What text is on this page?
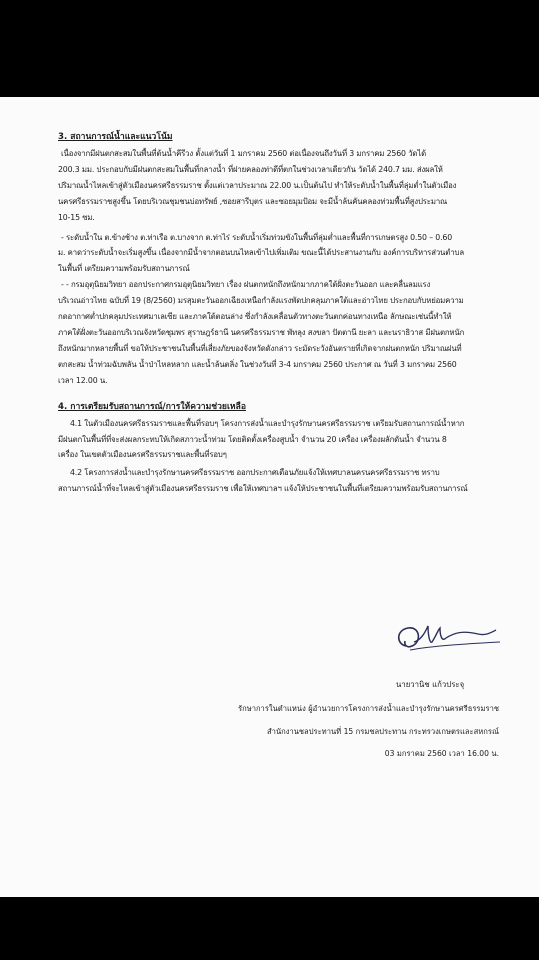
3. สถานการณ์น้ำและแนวโน้ม

เนื่องจากมีฝนตกสะสมในพื้นที่ต้นน้ำคีรีวง ตั้งแต่วันที่ 1 มกราคม 2560 ต่อเนื่องจนถึงวันที่ 3 มกราคม 2560 วัดได้
200.3 มม. ประกอบกับมีฝนตกสะสมในพื้นที่กลางน้ำ ที่ฝายคลองท่าดีที่ตกในช่วงเวลาเดียวกัน วัดได้ 240.7 มม. ส่งผลให้
ปริมาณน้ำไหลเข้าสู่ตัวเมืองนครศรีธรรมราช ตั้งแต่เวลาประมาณ 22.00 น.เป็นต้นไป ทำให้ระดับน้ำในพื้นที่ลุ่มต่ำในตัวเมือง
นครศรีธรรมราชสูงขึ้น โดยบริเวณชุมชนบ่อทรัพย์ ,ซอยสารีบุตร และซอยมุมป้อม จะมีน้ำล้นคันคลองท่วมพื้นที่สูงประมาณ
10-15 ซม.

- ระดับน้ำใน ต.ข้างช้าง ต.ท่าเรือ ต.บางจาก ต.ท่าไร่ ระดับน้ำเริ่มท่วมขังในพื้นที่ลุ่มต่ำและพื้นที่การเกษตรสูง 0.50 – 0.60
ม. คาดว่าระดับน้ำจะเริ่มสูงขึ้น เนื่องจากมีน้ำจากตอนบนไหลเข้าไปเพิ่มเติม ขณะนี้ได้ประสานงานกับ องค์การบริหารส่วนตำบล
ในพื้นที่ เตรียมความพร้อมรับสถานการณ์

- - กรมอุตุนิยมวิทยา ออกประกาศกรมอุตุนิยมวิทยา เรื่อง ฝนตกหนักถึงหนักมากภาคใต้ฝั่งตะวันออก และคลื่นลมแรง
บริเวณอ่าวไทย ฉบับที่ 19 (8/2560) มรสุมตะวันออกเฉียงเหนือกำลังแรงพัดปกคลุมภาคใต้และอ่าวไทย ประกอบกับหย่อมความ
กดอากาศต่ำปกคลุมประเทศมาเลเซีย และภาคใต้ตอนล่าง ซึ่งกำลังเคลื่อนตัวทางตะวันตกค่อนทางเหนือ ลักษณะเช่นนี้ทำให้
ภาคใต้ฝั่งตะวันออกบริเวณจังหวัดชุมพร สุราษฎร์ธานี นครศรีธรรมราช พัทลุง สงขลา ปัตตานี ยะลา และนราธิวาส มีฝนตกหนัก
ถึงหนักมากหลายพื้นที่ ขอให้ประชาชนในพื้นที่เสี่ยงภัยของจังหวัดดังกล่าว ระมัดระวังอันตรายที่เกิดจากฝนตกหนัก ปริมาณฝนที่
ตกสะสม น้ำท่วมฉับพลัน น้ำป่าไหลหลาก และน้ำล้นตลิ่ง ในช่วงวันที่ 3-4 มกราคม 2560 ประกาศ ณ วันที่ 3 มกราคม 2560
เวลา 12.00 น.

4. การเตรียมรับสถานการณ์/การให้ความช่วยเหลือ

4.1 ในตัวเมืองนครศรีธรรมราชและพื้นที่รอบๆ โครงการส่งน้ำและบำรุงรักษานครศรีธรรมราช เตรียมรับสถานการณ์น้ำหาก
มีฝนตกในพื้นที่ที่จะส่งผลกระทบให้เกิดสภาวะน้ำท่วม โดยติดตั้งเครื่องสูบน้ำ จำนวน 20 เครื่อง เครื่องผลักดันน้ำ จำนวน 8
เครื่อง ในเขตตัวเมืองนครศรีธรรมราชและพื้นที่รอบๆ

4.2 โครงการส่งน้ำและบำรุงรักษานครศรีธรรมราช ออกประกาศเตือนภัยแจ้งให้เทศบาลนครนครศรีธรรมราช ทราบ
สถานการณ์น้ำที่จะไหลเข้าสู่ตัวเมืองนครศรีธรรมราช เพื่อให้เทศบาลฯ แจ้งให้ประชาชนในพื้นที่เตรียมความพร้อมรับสถานการณ์

นายวานิช แก้วประจุ
รักษาการในตำแหน่ง ผู้อำนวยการโครงการส่งน้ำและบำรุงรักษานครศรีธรรมราช
สำนักงานชลประทานที่ 15 กรมชลประทาน กระทรวงเกษตรและสหกรณ์
03 มกราคม 2560 เวลา 16.00 น.
